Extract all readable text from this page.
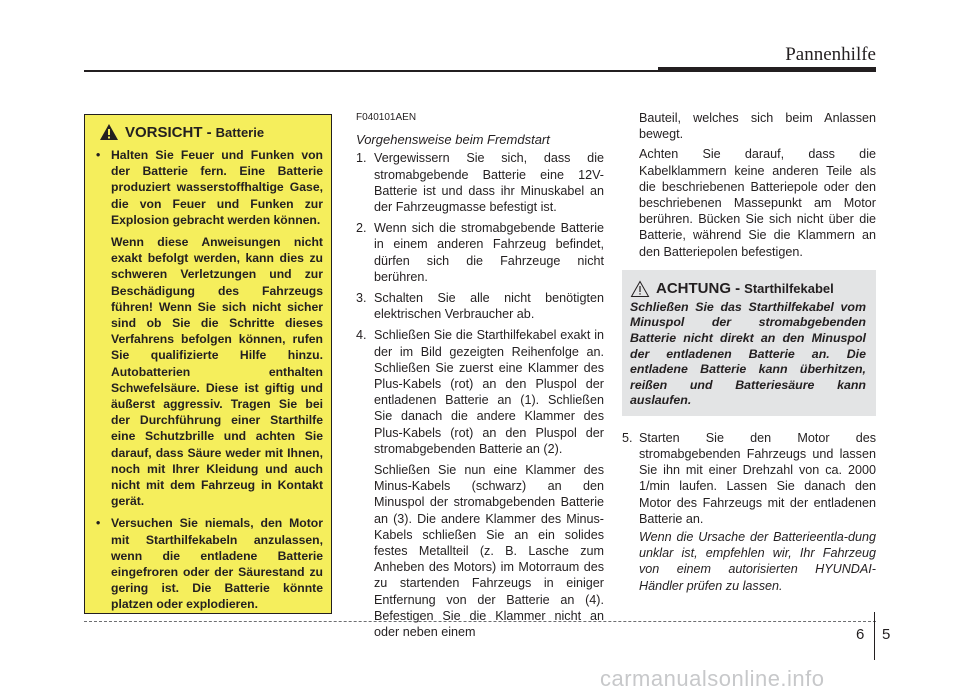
Pannenhilfe
VORSICHT - Batterie
• Halten Sie Feuer und Funken von der Batterie fern. Eine Batterie produziert wasserstoffhaltige Gase, die von Feuer und Funken zur Explosion gebracht werden können.

Wenn diese Anweisungen nicht exakt befolgt werden, kann dies zu schweren Verletzungen und zur Beschädigung des Fahrzeugs führen! Wenn Sie sich nicht sicher sind ob Sie die Schritte dieses Verfahrens befolgen können, rufen Sie qualifizierte Hilfe hinzu. Autobatterien enthalten Schwefelsäure. Diese ist giftig und äußerst aggressiv. Tragen Sie bei der Durchführung einer Starthilfe eine Schutzbrille und achten Sie darauf, dass Säure weder mit Ihnen, noch mit Ihrer Kleidung und auch nicht mit dem Fahrzeug in Kontakt gerät.

• Versuchen Sie niemals, den Motor mit Starthilfekabeln anzulassen, wenn die entladene Batterie eingefroren oder der Säurestand zu gering ist. Die Batterie könnte platzen oder explodieren.

F040101AEN
Vorgehensweise beim Fremdstart
1. Vergewissern Sie sich, dass die stromabgebende Batterie eine 12V-Batterie ist und dass ihr Minuskabel an der Fahrzeugmasse befestigt ist.

2. Wenn sich die stromabgebende Batterie in einem anderen Fahrzeug befindet, dürfen sich die Fahrzeuge nicht berühren.

3. Schalten Sie alle nicht benötigten elektrischen Verbraucher ab.

4. Schließen Sie die Starthilfekabel exakt in der im Bild gezeigten Reihenfolge an. Schließen Sie zuerst eine Klammer des Plus-Kabels (rot) an den Pluspol der entladenen Batterie an (1). Schließen Sie danach die andere Klammer des Plus-Kabels (rot) an den Pluspol der stromabgebenden Batterie an (2).

Schließen Sie nun eine Klammer des Minus-Kabels (schwarz) an den Minuspol der stromabgebenden Batterie an (3). Die andere Klammer des Minus-Kabels schließen Sie an ein solides festes Metallteil (z. B. Lasche zum Anheben des Motors) im Motorraum des zu startenden Fahrzeugs in einiger Entfernung von der Batterie an (4). Befestigen Sie die Klammer nicht an oder neben einem

Bauteil, welches sich beim Anlassen bewegt.

Achten Sie darauf, dass die Kabelklammern keine anderen Teile als die beschriebenen Batteriepole oder den beschriebenen Massepunkt am Motor berühren. Bücken Sie sich nicht über die Batterie, während Sie die Klammern an den Batteriepolen befestigen.

ACHTUNG - Starthilfekabel
Schließen Sie das Starthilfekabel vom Minuspol der stromabgebenden Batterie nicht direkt an den Minuspol der entladenen Batterie an. Die entladene Batterie kann überhitzen, reißen und Batteriesäure kann auslaufen.
5. Starten Sie den Motor des stromabgebenden Fahrzeugs und lassen Sie ihn mit einer Drehzahl von ca. 2000 1/min laufen. Lassen Sie danach den Motor des Fahrzeugs mit der entladenen Batterie an.
Wenn die Ursache der Batterieentla-dung unklar ist, empfehlen wir, Ihr Fahrzeug von einem autorisierten HYUNDAI-Händler prüfen zu lassen.
6 5
carmanualsonline.info
